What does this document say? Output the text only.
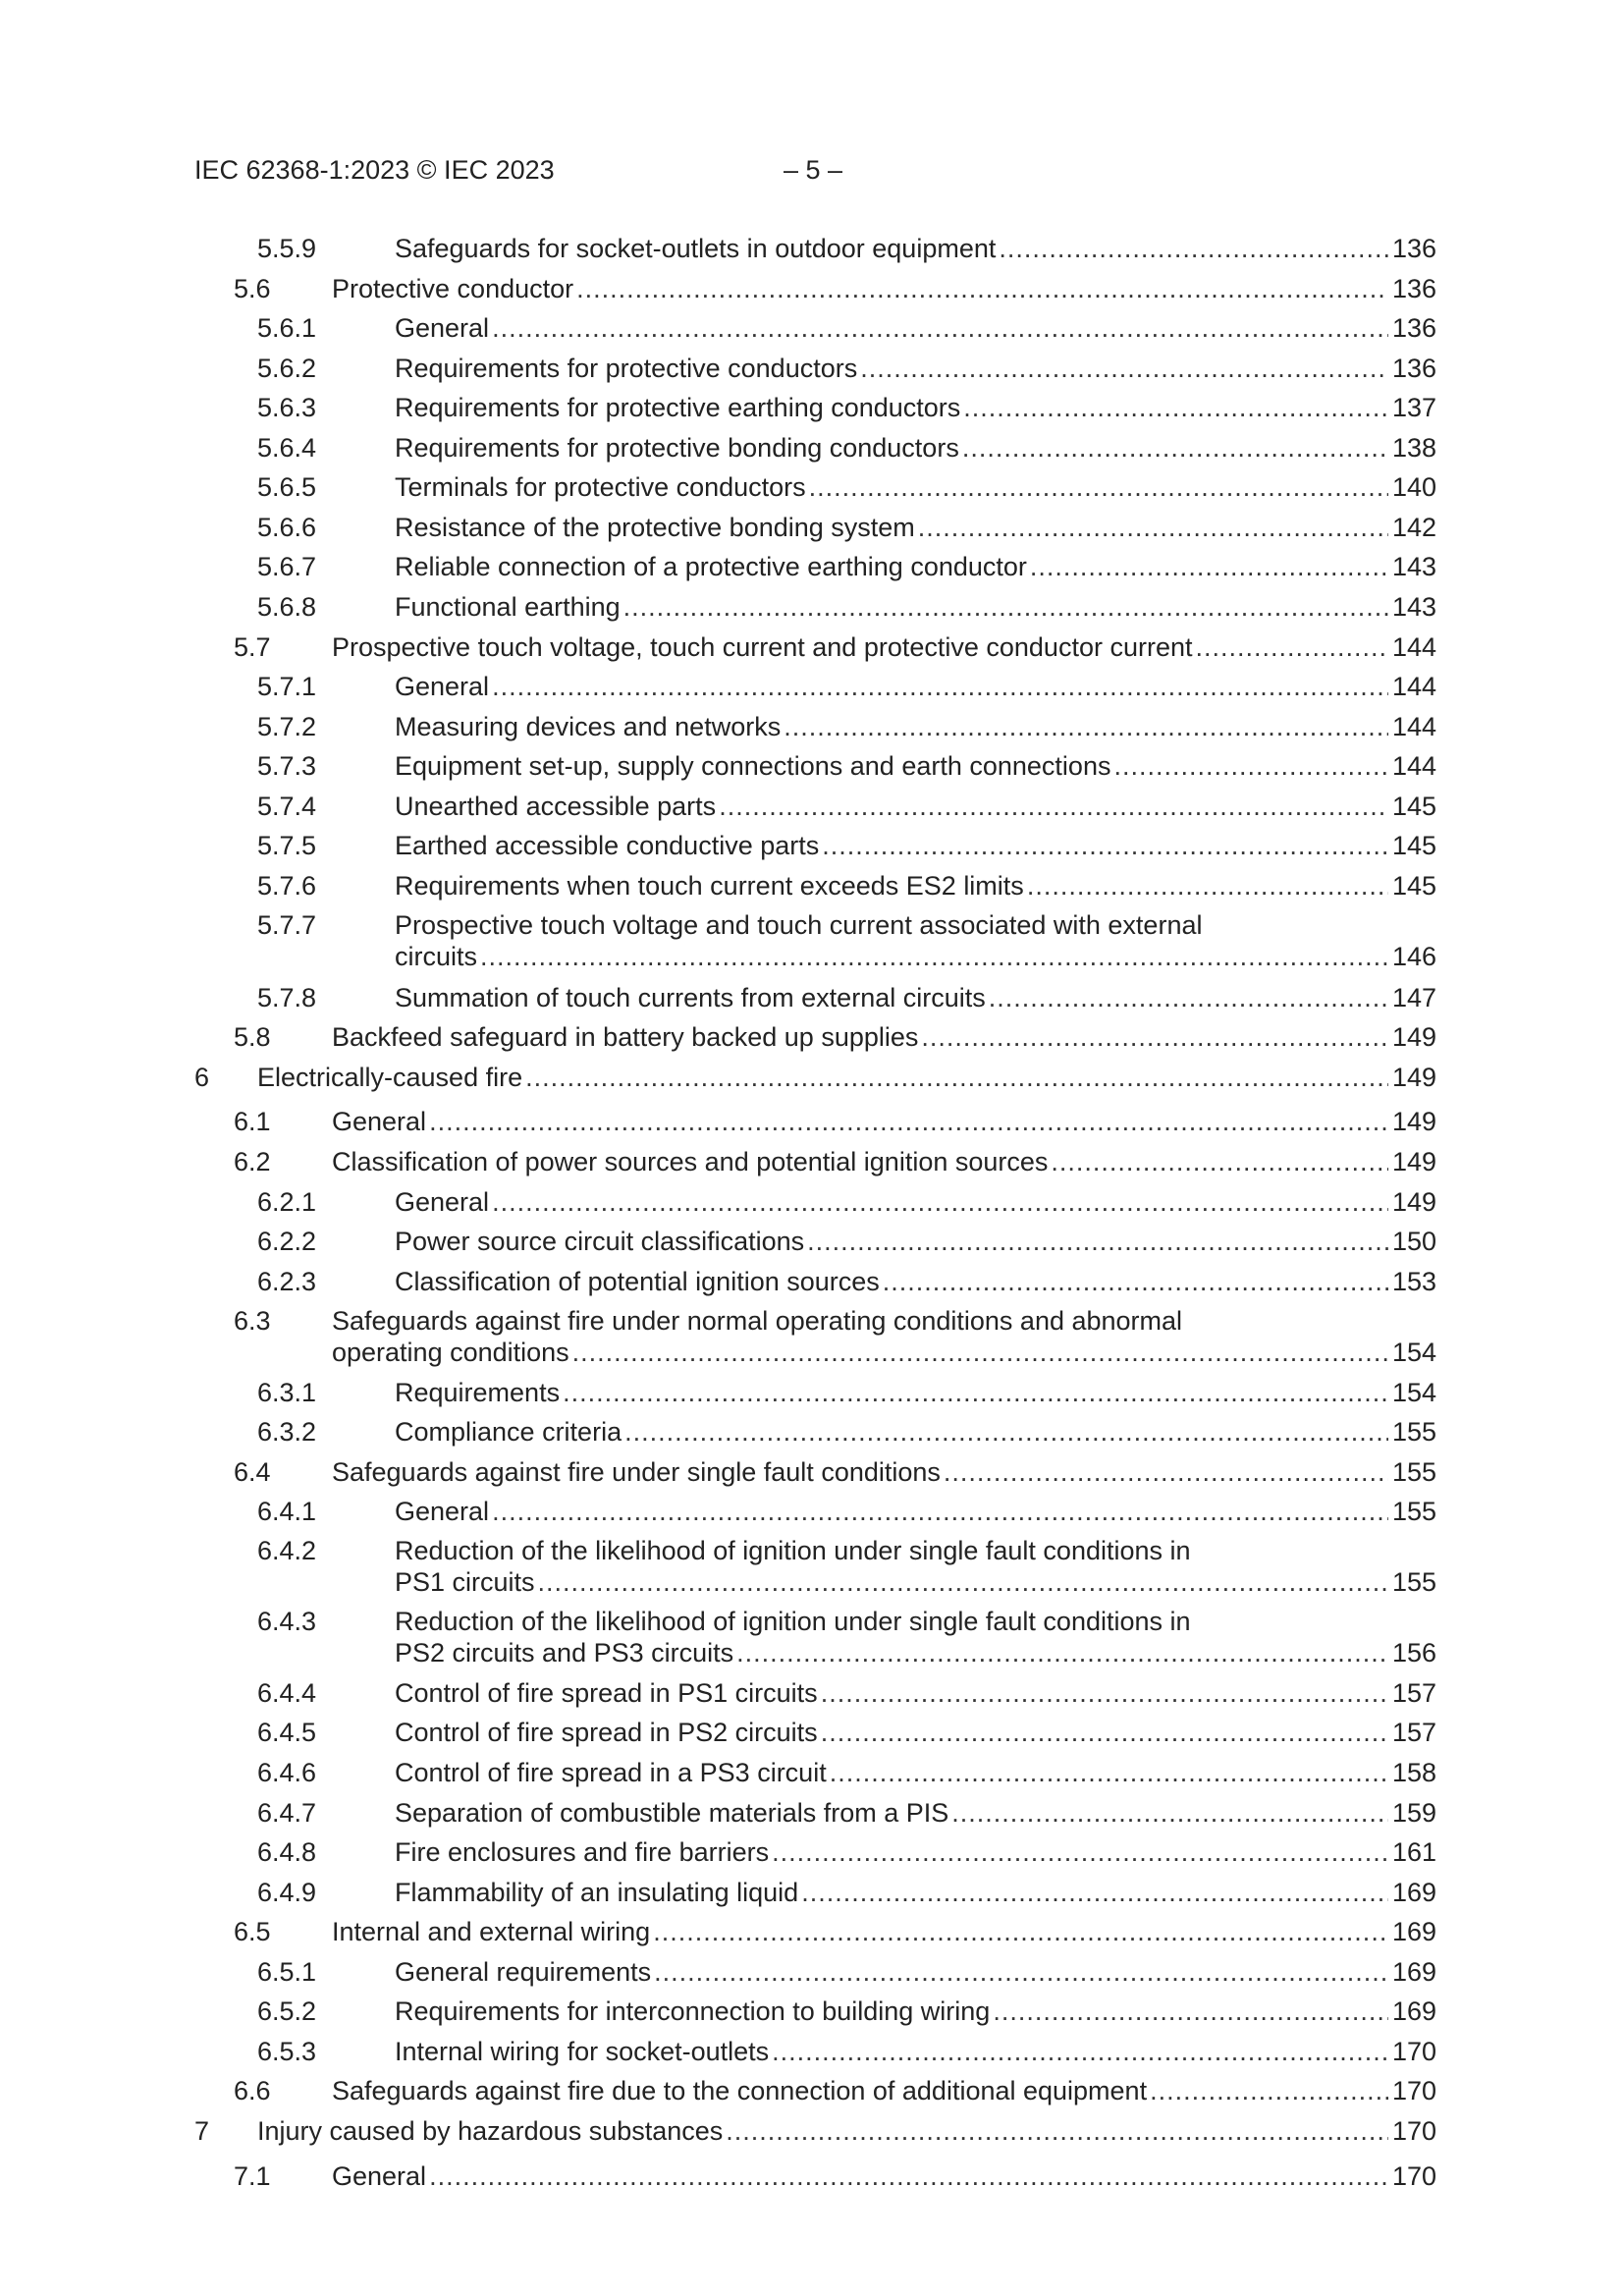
IEC 62368-1:2023 © IEC 2023	– 5 –
5.5.9	Safeguards for socket-outlets in outdoor equipment .....	136
5.6 Protective conductor .....	136
5.6.1	General .....	136
5.6.2	Requirements for protective conductors .....	136
5.6.3	Requirements for protective earthing conductors .....	137
5.6.4	Requirements for protective bonding conductors .....	138
5.6.5	Terminals for protective conductors .....	140
5.6.6	Resistance of the protective bonding system .....	142
5.6.7	Reliable connection of a protective earthing conductor .....	143
5.6.8	Functional earthing .....	143
5.7 Prospective touch voltage, touch current and protective conductor current .....	144
5.7.1	General .....	144
5.7.2	Measuring devices and networks .....	144
5.7.3	Equipment set-up, supply connections and earth connections .....	144
5.7.4	Unearthed accessible parts .....	145
5.7.5	Earthed accessible conductive parts .....	145
5.7.6	Requirements when touch current exceeds ES2 limits .....	145
5.7.7	Prospective touch voltage and touch current associated with external
circuits .....	146
5.7.8	Summation of touch currents from external circuits .....	147
5.8 Backfeed safeguard in battery backed up supplies .....	149
6 Electrically-caused fire .....	149
6.1 General .....	149
6.2 Classification of power sources and potential ignition sources .....	149
6.2.1	General .....	149
6.2.2	Power source circuit classifications .....	150
6.2.3	Classification of potential ignition sources .....	153
6.3 Safeguards against fire under normal operating conditions and abnormal
operating conditions .....	154
6.3.1	Requirements .....	154
6.3.2	Compliance criteria .....	155
6.4 Safeguards against fire under single fault conditions .....	155
6.4.1	General .....	155
6.4.2	Reduction of the likelihood of ignition under single fault conditions in
PS1 circuits .....	155
6.4.3	Reduction of the likelihood of ignition under single fault conditions in
PS2 circuits and PS3 circuits .....	156
6.4.4	Control of fire spread in PS1 circuits .....	157
6.4.5	Control of fire spread in PS2 circuits .....	157
6.4.6	Control of fire spread in a PS3 circuit .....	158
6.4.7	Separation of combustible materials from a PIS .....	159
6.4.8	Fire enclosures and fire barriers .....	161
6.4.9	Flammability of an insulating liquid .....	169
6.5 Internal and external wiring .....	169
6.5.1	General requirements .....	169
6.5.2	Requirements for interconnection to building wiring .....	169
6.5.3	Internal wiring for socket-outlets .....	170
6.6 Safeguards against fire due to the connection of additional equipment .....	170
7 Injury caused by hazardous substances .....	170
7.1 General .....	170
